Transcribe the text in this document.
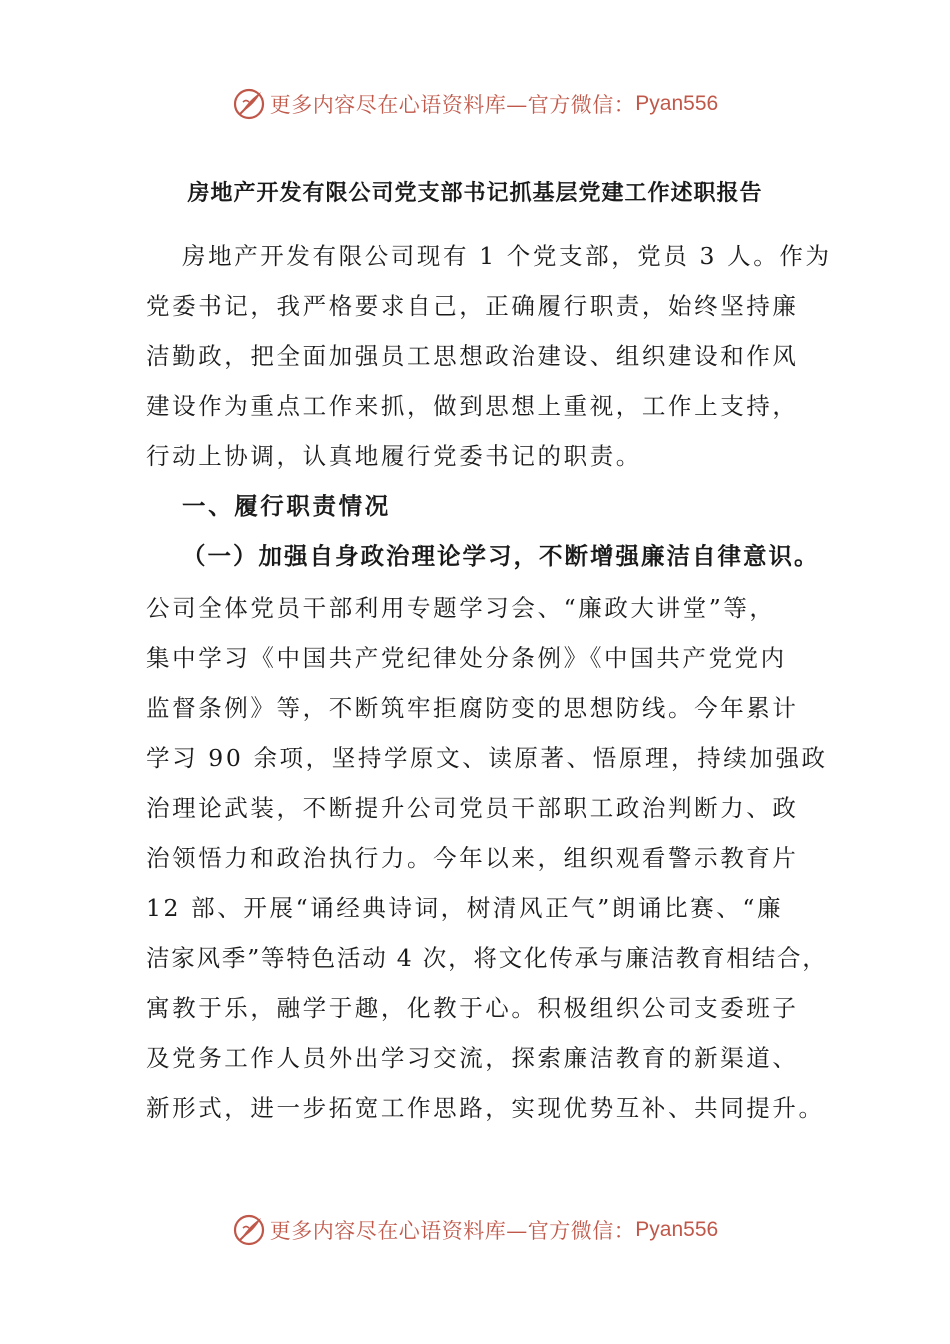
更多内容尽在心语资料库—官方微信： Pyan556
房地产开发有限公司党支部书记抓基层党建工作述职报告
房地产开发有限公司现有 1 个党支部，党员 3 人。作为
党委书记，我严格要求自己，正确履行职责，始终坚持廉
洁勤政，把全面加强员工思想政治建设、组织建设和作风
建设作为重点工作来抓，做到思想上重视，工作上支持，
行动上协调，认真地履行党委书记的职责。
一、履行职责情况
（一）加强自身政治理论学习，不断增强廉洁自律意识。
公司全体党员干部利用专题学习会、“廉政大讲堂”等，
集中学习《中国共产党纪律处分条例》《中国共产党党内
监督条例》等，不断筑牢拒腐防变的思想防线。今年累计
学习 90 余项，坚持学原文、读原著、悟原理，持续加强政
治理论武装，不断提升公司党员干部职工政治判断力、政
治领悟力和政治执行力。今年以来，组织观看警示教育片
12 部、开展“诵经典诗词，树清风正气”朗诵比赛、“廉
洁家风季”等特色活动 4 次，将文化传承与廉洁教育相结合，
寓教于乐，融学于趣，化教于心。积极组织公司支委班子
及党务工作人员外出学习交流，探索廉洁教育的新渠道、
新形式，进一步拓宽工作思路，实现优势互补、共同提升。
更多内容尽在心语资料库—官方微信： Pyan556
